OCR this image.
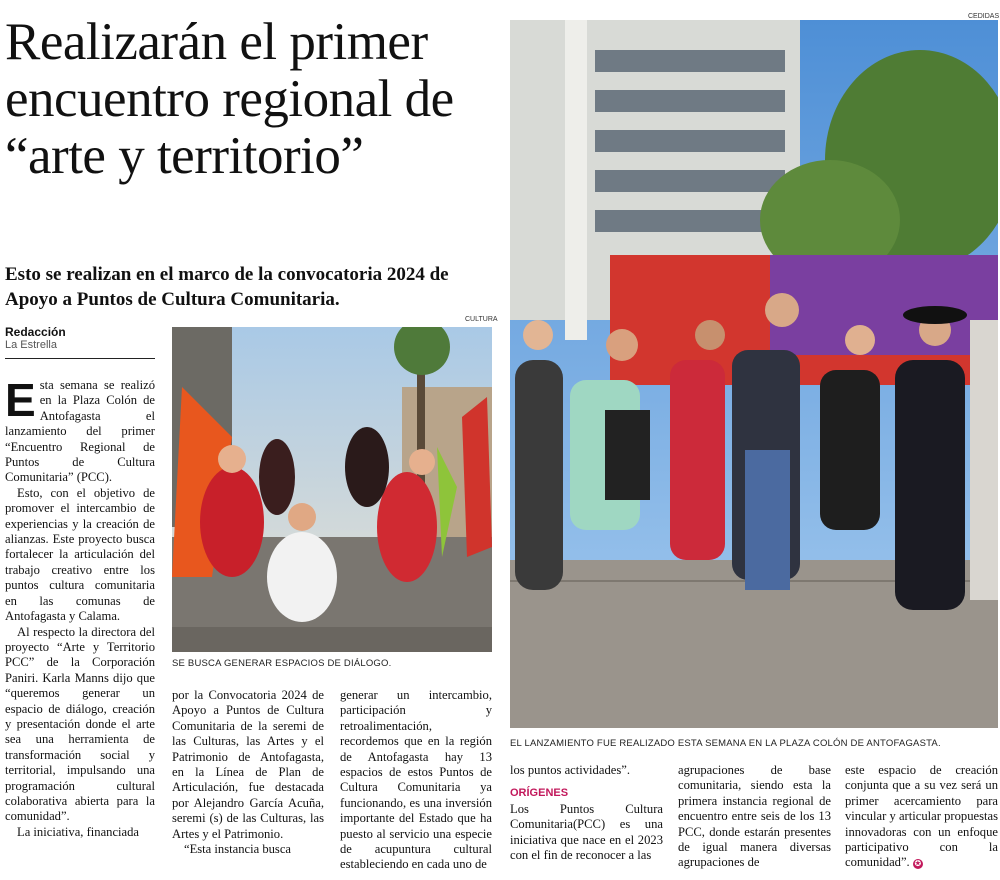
Realizarán el primer encuentro regional de “arte y territorio”

Esto se realizan en el marco de la convocatoria 2024 de Apoyo a Puntos de Cultura Comunitaria.

Redacción
La Estrella

Esta semana se realizó en la Plaza Colón de Antofagasta el lanzamiento del primer “Encuentro Regional de Puntos de Cultura Comunitaria” (PCC).

Esto, con el objetivo de promover el intercambio de experiencias y la creación de alianzas. Este proyecto busca fortalecer la articulación del trabajo creativo entre los puntos cultura comunitaria en las comunas de Antofagasta y Calama.

Al respecto la directora del proyecto “Arte y Territorio PCC” de la Corporación Paniri. Karla Manns dijo que “queremos generar un espacio de diálogo, creación y presentación donde el arte sea una herramienta de transformación social y territorial, impulsando una programación cultural colaborativa abierta para la comunidad”.

La iniciativa, financiada

CULTURA
SE BUSCA GENERAR ESPACIOS DE DIÁLOGO.

por la Convocatoria 2024 de Apoyo a Puntos de Cultura Comunitaria de la seremi de las Culturas, las Artes y el Patrimonio de Antofagasta, en la Línea de Plan de Articulación, fue destacada por Alejandro García Acuña, seremi (s) de las Culturas, las Artes y el Patrimonio.

“Esta instancia busca

generar un intercambio, participación y retroalimentación, recordemos que en la región de Antofagasta hay 13 espacios de estos Puntos de Cultura Comunitaria ya funcionando, es una inversión importante del Estado que ha puesto al servicio una especie de acupuntura cultural estableciendo en cada uno de

CEDIDAS
EL LANZAMIENTO FUE REALIZADO ESTA SEMANA EN LA PLAZA COLÓN DE ANTOFAGASTA.

los puntos actividades”.

ORÍGENES

Los Puntos Cultura Comunitaria(PCC) es una iniciativa que nace en el 2023 con el fin de reconocer a las

agrupaciones de base comunitaria, siendo esta la primera instancia regional de encuentro entre seis de los 13 PCC, donde estarán presentes de igual manera diversas agrupaciones de

este espacio de creación conjunta que a su vez será un primer acercamiento para vincular y articular propuestas innovadoras con un enfoque participativo con la comunidad”. ✪
